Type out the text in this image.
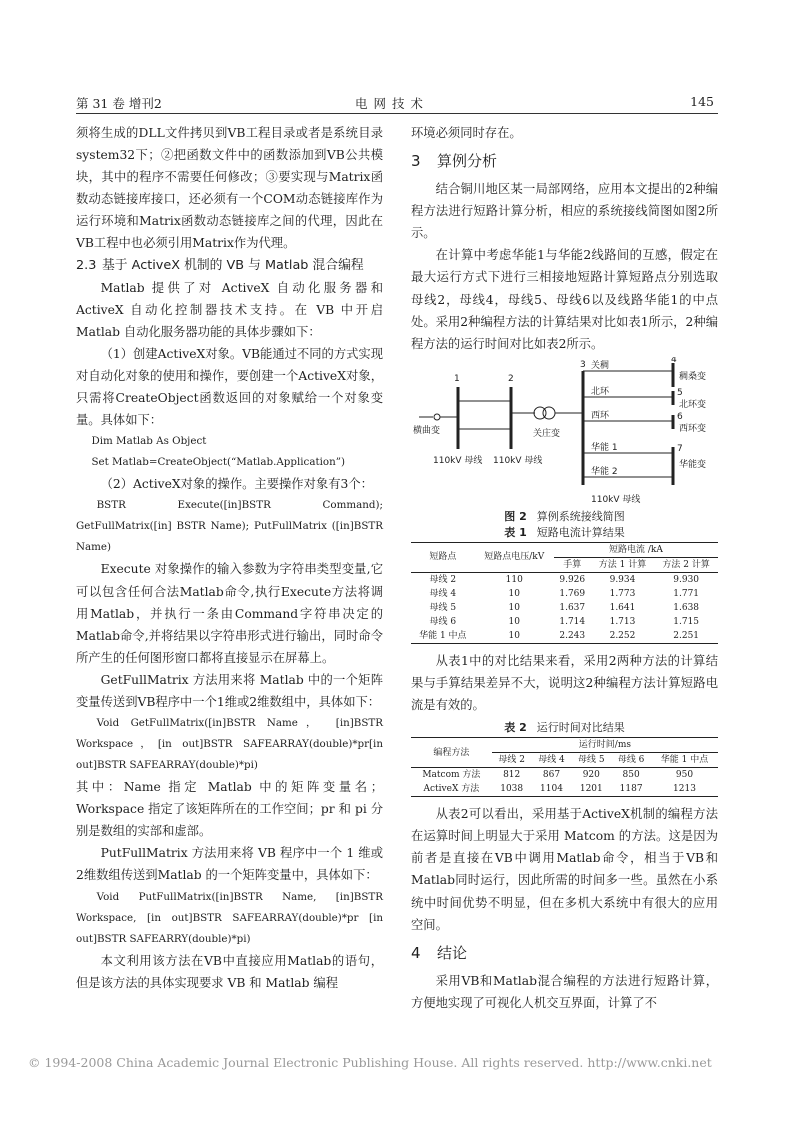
第 31 卷 增刊2	电 网 技 术	145

须将生成的DLL文件拷贝到VB工程目录或者是系统目录system32下；②把函数文件中的函数添加到VB公共模块，其中的程序不需要任何修改；③要实现与Matrix函数动态链接库接口，还必须有一个COM动态链接库作为运行环境和Matrix函数动态链接库之间的代理，因此在VB工程中也必须引用Matrix作为代理。

2.3 基于 ActiveX 机制的 VB 与 Matlab 混合编程

Matlab 提供了对 ActiveX 自动化服务器和 ActiveX 自动化控制器技术支持。在 VB 中开启 Matlab 自动化服务器功能的具体步骤如下：

（1）创建ActiveX对象。VB能通过不同的方式实现对自动化对象的使用和操作，要创建一个ActiveX对象，只需将CreateObject函数返回的对象赋给一个对象变量。具体如下：

Dim Matlab As Object

Set Matlab=CreateObject(“Matlab.Application”)

（2）ActiveX对象的操作。主要操作对象有3个：

BSTR Execute([in]BSTR Command); GetFullMatrix([in] BSTR Name); PutFullMatrix ([in]BSTR Name)

Execute 对象操作的输入参数为字符串类型变量,它可以包含任何合法Matlab命令,执行Execute方法将调用Matlab，并执行一条由Command字符串决定的Matlab命令,并将结果以字符串形式进行输出，同时命令所产生的任何图形窗口都将直接显示在屏幕上。

GetFullMatrix 方法用来将 Matlab 中的一个矩阵变量传送到VB程序中一个1维或2维数组中，具体如下：

Void GetFullMatrix([in]BSTR Name， [in]BSTR Workspace，[in out]BSTR SAFEARRAY(double)*pr[in out]BSTR SAFEARRAY(double)*pi)

其中：Name 指定 Matlab 中的矩阵变量名；Workspace 指定了该矩阵所在的工作空间；pr 和 pi 分别是数组的实部和虚部。

PutFullMatrix 方法用来将 VB 程序中一个 1 维或2维数组传送到Matlab 的一个矩阵变量中，具体如下：

Void PutFullMatrix([in]BSTR Name, [in]BSTR Workspace, [in out]BSTR SAFEARRAY(double)*pr [in out]BSTR SAFEARRY(double)*pi)

本文利用该方法在VB中直接应用Matlab的语句，但是该方法的具体实现要求 VB 和 Matlab 编程

环境必须同时存在。

3 算例分析

结合铜川地区某一局部网络，应用本文提出的2种编程方法进行短路计算分析，相应的系统接线简图如图2所示。

在计算中考虑华能1与华能2线路间的互感，假定在最大运行方式下进行三相接地短路计算短路点分别选取母线2，母线4，母线5、母线6以及线路华能1的中点处。采用2种编程方法的计算结果对比如表1所示，2种编程方法的运行时间对比如表2所示。

1	2
3	4
5
6
7
横曲变
110kV 母线 110kV 母线
关庄变
关稠
北环
西环
华能 1
华能 2
110kV 母线
稠桑变
北环变
西环变
华能变
图 2 算例系统接线简图
表 1 短路电流计算结果
短路点	短路点电压/kV	短路电流 /kA		
		手算	方法 1 计算	方法 2 计算
母线 2	110	9.926	9.934	9.930
母线 4	10	1.769	1.773	1.771
母线 5	10	1.637	1.641	1.638
母线 6	10	1.714	1.713	1.715
华能 1 中点	10	2.243	2.252	2.251

从表1中的对比结果来看，采用2两种方法的计算结果与手算结果差异不大，说明这2种编程方法计算短路电流是有效的。

表 2 运行时间对比结果
编程方法	运行时间/ms				
	母线 2	母线 4	母线 5	母线 6	华能 1 中点
Matcom 方法	812	867	920	850	950
ActiveX 方法	1038	1104	1201	1187	1213

从表2可以看出，采用基于ActiveX机制的编程方法在运算时间上明显大于采用 Matcom 的方法。这是因为前者是直接在VB中调用Matlab命令，相当于VB和Matlab同时运行，因此所需的时间多一些。虽然在小系统中时间优势不明显，但在多机大系统中有很大的应用空间。

4 结论

采用VB和Matlab混合编程的方法进行短路计算，方便地实现了可视化人机交互界面，计算了不

© 1994-2008 China Academic Journal Electronic Publishing House. All rights reserved. http://www.cnki.net
